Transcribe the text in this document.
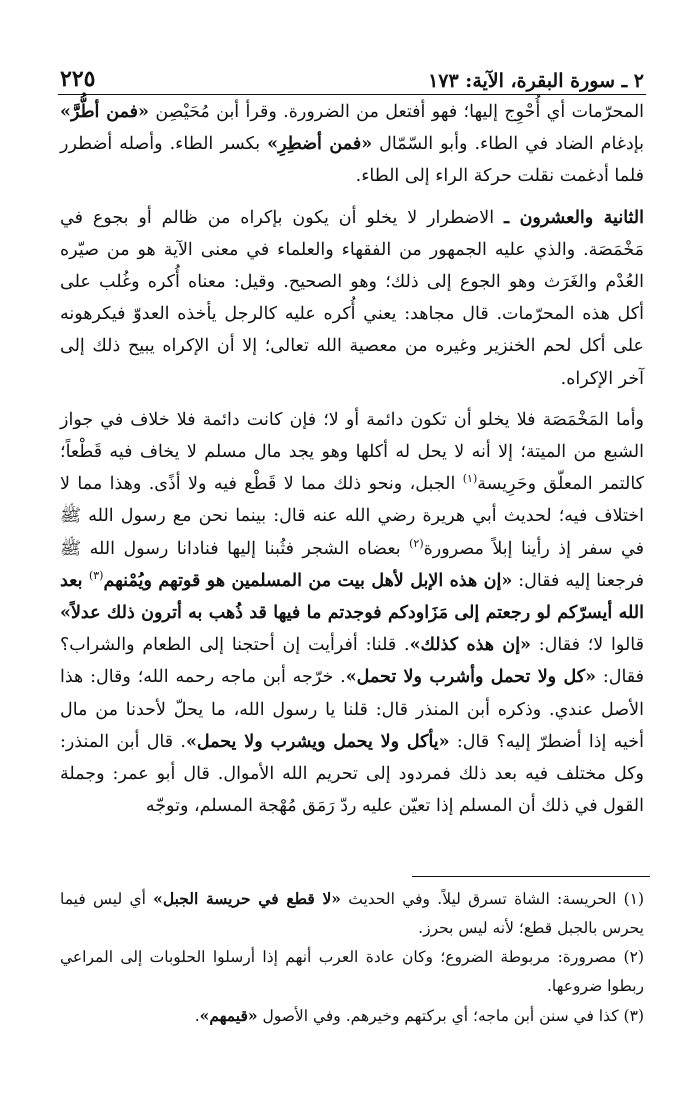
٢ ـ سورة البقرة، الآية: ١٧٣
٢٢٥

المحرّمات أي أُحْوِج إليها؛ فهو أفتعل من الضرورة. وقرأ أبن مُحَيْصِن «فمن أطُّرَّ» بإدغام الضاد في الطاء. وأبو السّمّال «فمن أضطِرِ» بكسر الطاء. وأصله أضطرر فلما أدغمت نقلت حركة الراء إلى الطاء.

الثانية والعشرون ـ الاضطرار لا يخلو أن يكون بإكراه من ظالم أو بجوع في مَخْمَصَة. والذي عليه الجمهور من الفقهاء والعلماء في معنى الآية هو من صيّره العُدْم والغَرَث وهو الجوع إلى ذلك؛ وهو الصحيح. وقيل: معناه أُكره وغُلب على أكل هذه المحرّمات. قال مجاهد: يعني أُكره عليه كالرجل يأخذه العدوّ فيكرهونه على أكل لحم الخنزير وغيره من معصية الله تعالى؛ إلا أن الإكراه يبيح ذلك إلى آخر الإكراه.

وأما المَخْمَصَة فلا يخلو أن تكون دائمة أو لا؛ فإن كانت دائمة فلا خلاف في جواز الشبع من الميتة؛ إلا أنه لا يحل له أكلها وهو يجد مال مسلم لا يخاف فيه قَطْعاً؛ كالتمر المعلّق وحَرِيسة$^{(١)}$ الجبل، ونحو ذلك مما لا قَطْع فيه ولا أذًى. وهذا مما لا اختلاف فيه؛ لحديث أبي هريرة رضي الله عنه قال: بينما نحن مع رسول الله ﷺ في سفر إذ رأينا إبلاً مصرورة$^{(٢)}$ بعضاه الشجر فثُبنا إليها فنادانا رسول الله ﷺ فرجعنا إليه فقال: «إن هذه الإبل لأهل بيت من المسلمين هو قوتهم ويُمْنهم$^{(٣)}$ بعد الله أيسرّكم لو رجعتم إلى مَزَاودكم فوجدتم ما فيها قد ذُهب به أترون ذلك عدلاً» قالوا لا؛ فقال: «إن هذه كذلك». قلنا: أفرأيت إن أحتجنا إلى الطعام والشراب؟ فقال: «كل ولا تحمل وأشرب ولا تحمل». خرّجه أبن ماجه رحمه الله؛ وقال: هذا الأصل عندي. وذكره أبن المنذر قال: قلنا يا رسول الله، ما يحلّ لأحدنا من مال أخيه إذا أضطرّ إليه؟ قال: «يأكل ولا يحمل ويشرب ولا يحمل». قال أبن المنذر: وكل مختلف فيه بعد ذلك فمردود إلى تحريم الله الأموال. قال أبو عمر: وجملة القول في ذلك أن المسلم إذا تعيّن عليه ردّ رَمَق مُهْجة المسلم، وتوجّه

(١) الحريسة: الشاة تسرق ليلاً. وفي الحديث «لا قطع في حريسة الجبل» أي ليس فيما يحرس بالجبل قطع؛ لأنه ليس بحرز.

(٢) مصرورة: مربوطة الضروع؛ وكان عادة العرب أنهم إذا أرسلوا الحلوبات إلى المراعي ربطوا ضروعها.

(٣) كذا في سنن أبن ماجه؛ أي بركتهم وخيرهم. وفي الأصول «قيمهم».
